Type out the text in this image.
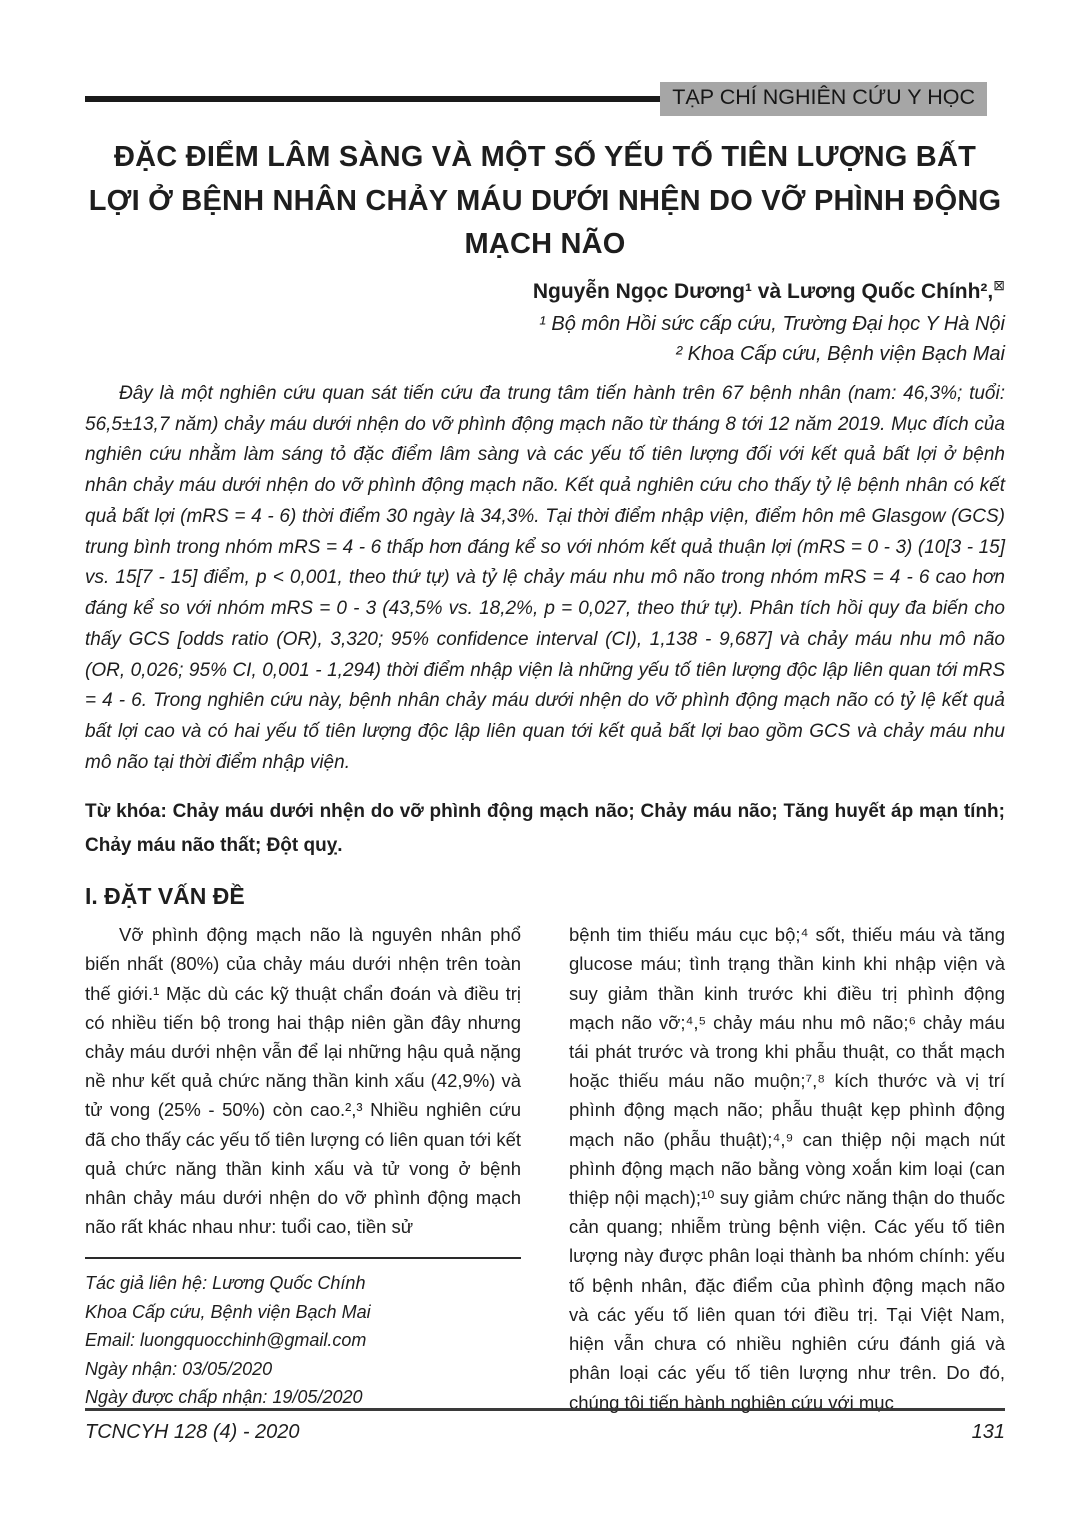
TẠP CHÍ NGHIÊN CỨU Y HỌC
ĐẶC ĐIỂM LÂM SÀNG VÀ MỘT SỐ YẾU TỐ TIÊN LƯỢNG BẤT LỢI Ở BỆNH NHÂN CHẢY MÁU DƯỚI NHỆN DO VỠ PHÌNH ĐỘNG MẠCH NÃO
Nguyễn Ngọc Dương¹ và Lương Quốc Chính²,⊠
¹ Bộ môn Hồi sức cấp cứu, Trường Đại học Y Hà Nội
² Khoa Cấp cứu, Bệnh viện Bạch Mai

Đây là một nghiên cứu quan sát tiến cứu đa trung tâm tiến hành trên 67 bệnh nhân (nam: 46,3%; tuổi: 56,5±13,7 năm) chảy máu dưới nhện do vỡ phình động mạch não từ tháng 8 tới 12 năm 2019. Mục đích của nghiên cứu nhằm làm sáng tỏ đặc điểm lâm sàng và các yếu tố tiên lượng đối với kết quả bất lợi ở bệnh nhân chảy máu dưới nhện do vỡ phình động mạch não. Kết quả nghiên cứu cho thấy tỷ lệ bệnh nhân có kết quả bất lợi (mRS = 4 - 6) thời điểm 30 ngày là 34,3%. Tại thời điểm nhập viện, điểm hôn mê Glasgow (GCS) trung bình trong nhóm mRS = 4 - 6 thấp hơn đáng kể so với nhóm kết quả thuận lợi (mRS = 0 - 3) (10[3 - 15] vs. 15[7 - 15] điểm, p < 0,001, theo thứ tự) và tỷ lệ chảy máu nhu mô não trong nhóm mRS = 4 - 6 cao hơn đáng kể so với nhóm mRS = 0 - 3 (43,5% vs. 18,2%, p = 0,027, theo thứ tự). Phân tích hồi quy đa biến cho thấy GCS [odds ratio (OR), 3,320; 95% confidence interval (CI), 1,138 - 9,687] và chảy máu nhu mô não (OR, 0,026; 95% CI, 0,001 - 1,294) thời điểm nhập viện là những yếu tố tiên lượng độc lập liên quan tới mRS = 4 - 6. Trong nghiên cứu này, bệnh nhân chảy máu dưới nhện do vỡ phình động mạch não có tỷ lệ kết quả bất lợi cao và có hai yếu tố tiên lượng độc lập liên quan tới kết quả bất lợi bao gồm GCS và chảy máu nhu mô não tại thời điểm nhập viện.

Từ khóa: Chảy máu dưới nhện do vỡ phình động mạch não; Chảy máu não; Tăng huyết áp mạn tính; Chảy máu não thất; Đột quỵ.

I. ĐẶT VẤN ĐỀ

Vỡ phình động mạch não là nguyên nhân phổ biến nhất (80%) của chảy máu dưới nhện trên toàn thế giới.¹ Mặc dù các kỹ thuật chẩn đoán và điều trị có nhiều tiến bộ trong hai thập niên gần đây nhưng chảy máu dưới nhện vẫn để lại những hậu quả nặng nề như kết quả chức năng thần kinh xấu (42,9%) và tử vong (25% - 50%) còn cao.²,³ Nhiều nghiên cứu đã cho thấy các yếu tố tiên lượng có liên quan tới kết quả chức năng thần kinh xấu và tử vong ở bệnh nhân chảy máu dưới nhện do vỡ phình động mạch não rất khác nhau như: tuổi cao, tiền sử

Tác giả liên hệ: Lương Quốc Chính
Khoa Cấp cứu, Bệnh viện Bạch Mai
Email: luongquocchinh@gmail.com
Ngày nhận: 03/05/2020
Ngày được chấp nhận: 19/05/2020

bệnh tim thiếu máu cục bộ;⁴ sốt, thiếu máu và tăng glucose máu; tình trạng thần kinh khi nhập viện và suy giảm thần kinh trước khi điều trị phình động mạch não vỡ;⁴,⁵ chảy máu nhu mô não;⁶ chảy máu tái phát trước và trong khi phẫu thuật, co thắt mạch hoặc thiếu máu não muộn;⁷,⁸ kích thước và vị trí phình động mạch não; phẫu thuật kẹp phình động mạch não (phẫu thuật);⁴,⁹ can thiệp nội mạch nút phình động mạch não bằng vòng xoắn kim loại (can thiệp nội mạch);¹⁰ suy giảm chức năng thận do thuốc cản quang; nhiễm trùng bệnh viện. Các yếu tố tiên lượng này được phân loại thành ba nhóm chính: yếu tố bệnh nhân, đặc điểm của phình động mạch não và các yếu tố liên quan tới điều trị. Tại Việt Nam, hiện vẫn chưa có nhiều nghiên cứu đánh giá và phân loại các yếu tố tiên lượng như trên. Do đó, chúng tôi tiến hành nghiên cứu với mục

TCNCYH 128 (4) - 2020	131
